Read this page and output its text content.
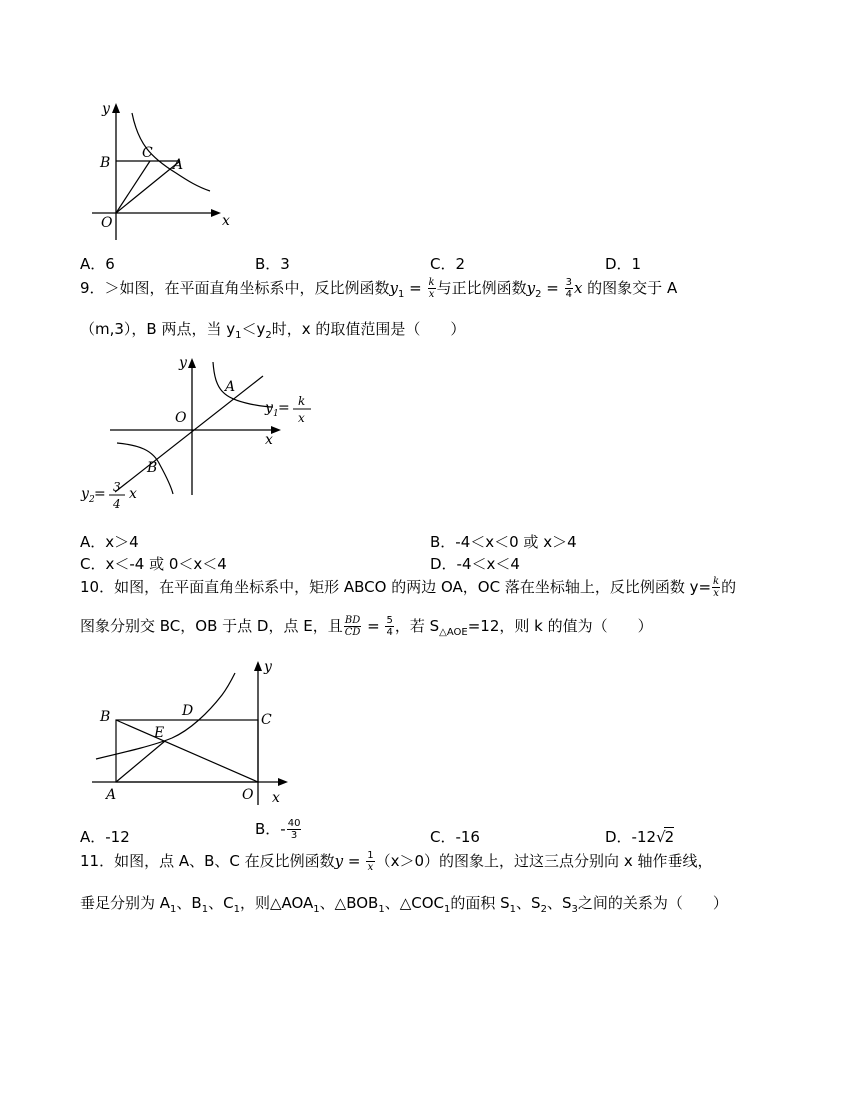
y
B
C
A
O	x
A．6	B．3	C．2	D．1
9．＞如图，在平面直角坐标系中，反比例函数$y_1 = \frac{k}{x}$ 与正比例函数$y_2 = \frac{3}{4}$ x 的图象交于 A
（m,3），B 两点，当 $y_1<y_2$时，x 的取值范围是（　　）
y
A
O
x
B
y 1 = k
x
y 2 = 3
4
x
A．x＞4	B．-4＜x＜0 或 x＞4
C．x＜-4 或 0＜x＜4	D．-4＜x＜4
10．如图，在平面直角坐标系中，矩形 ABCO 的两边 OA，OC 落在坐标轴上，反比例函数 $y= \frac{k}{x}$ 的
图象分别交 BC，OB 于点 D，点 E，且 $\frac{BD}{CD} = \frac{5}{4}$ ，若 $S_{\triangle AOE}=12$，则 k 的值为（　　）
y
B	D
C
E
A	O x
A．-12	B．- $\frac{40}{3}$	C．-16	D．-12√2
11．如图，点 A、B、C 在反比例函数$y = \frac{1}{x} (x>0)$的图象上，过这三点分别向 x 轴作垂线，
垂足分别为 $A_1$、$B_1$、$C_1$，则$\triangle AOA_1$、$\triangle BOB_1$、$\triangle COC_1$的面积 $S_1$、$S_2$、$S_3$之间的关系为（　　）
